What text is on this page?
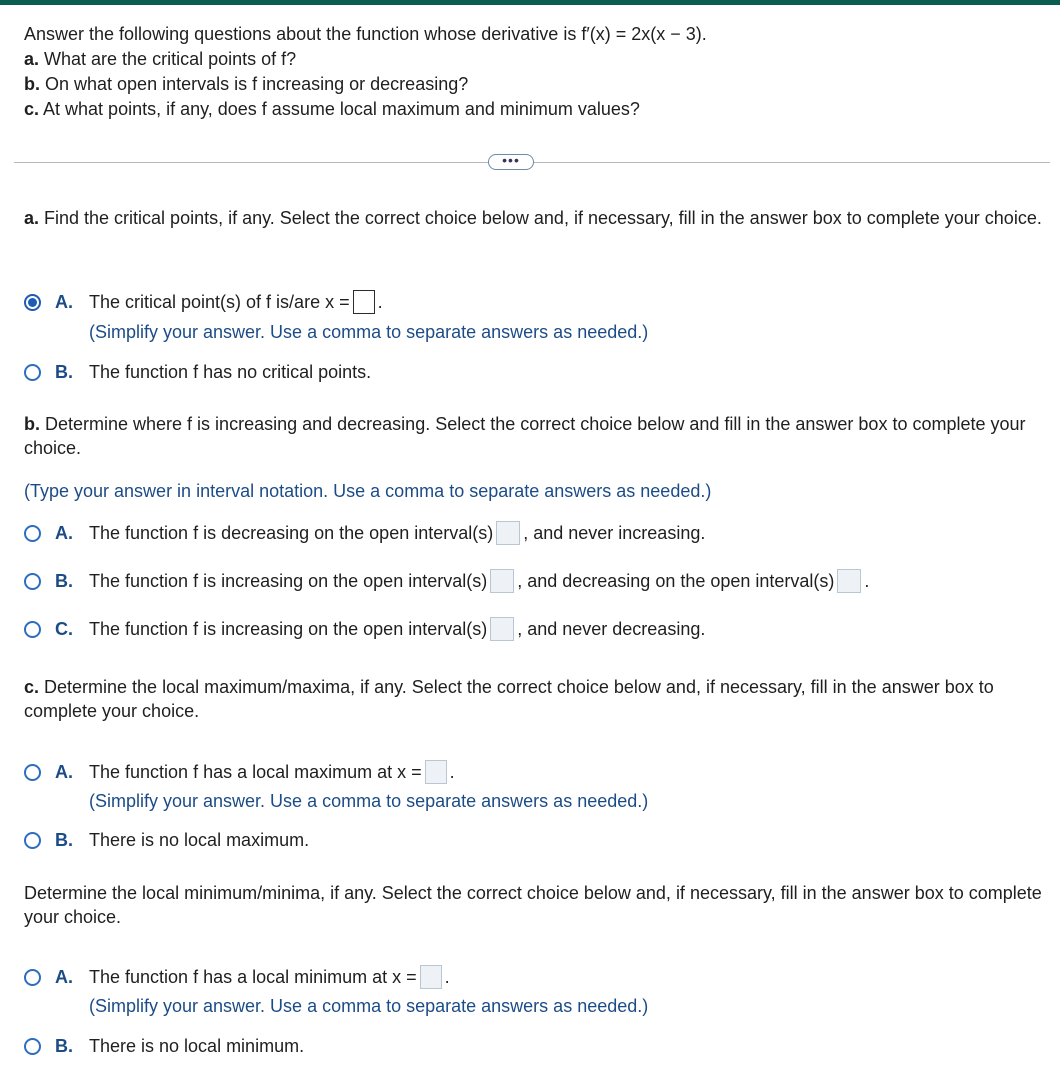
Answer the following questions about the function whose derivative is f′(x) = 2x(x − 3).
a. What are the critical points of f?
b. On what open intervals is f increasing or decreasing?
c. At what points, if any, does f assume local maximum and minimum values?
•••
a. Find the critical points, if any. Select the correct choice below and, if necessary, fill in the answer box to complete your choice.
A. The critical point(s) of f is/are x = .
(Simplify your answer. Use a comma to separate answers as needed.)
B. The function f has no critical points.
b. Determine where f is increasing and decreasing. Select the correct choice below and fill in the answer box to complete your choice.
(Type your answer in interval notation. Use a comma to separate answers as needed.)
A. The function f is decreasing on the open interval(s) , and never increasing.
B. The function f is increasing on the open interval(s) , and decreasing on the open interval(s) .
C. The function f is increasing on the open interval(s) , and never decreasing.
c. Determine the local maximum/maxima, if any. Select the correct choice below and, if necessary, fill in the answer box to complete your choice.
A. The function f has a local maximum at x = .
(Simplify your answer. Use a comma to separate answers as needed.)
B. There is no local maximum.
Determine the local minimum/minima, if any. Select the correct choice below and, if necessary, fill in the answer box to complete your choice.
A. The function f has a local minimum at x = .
(Simplify your answer. Use a comma to separate answers as needed.)
B. There is no local minimum.
